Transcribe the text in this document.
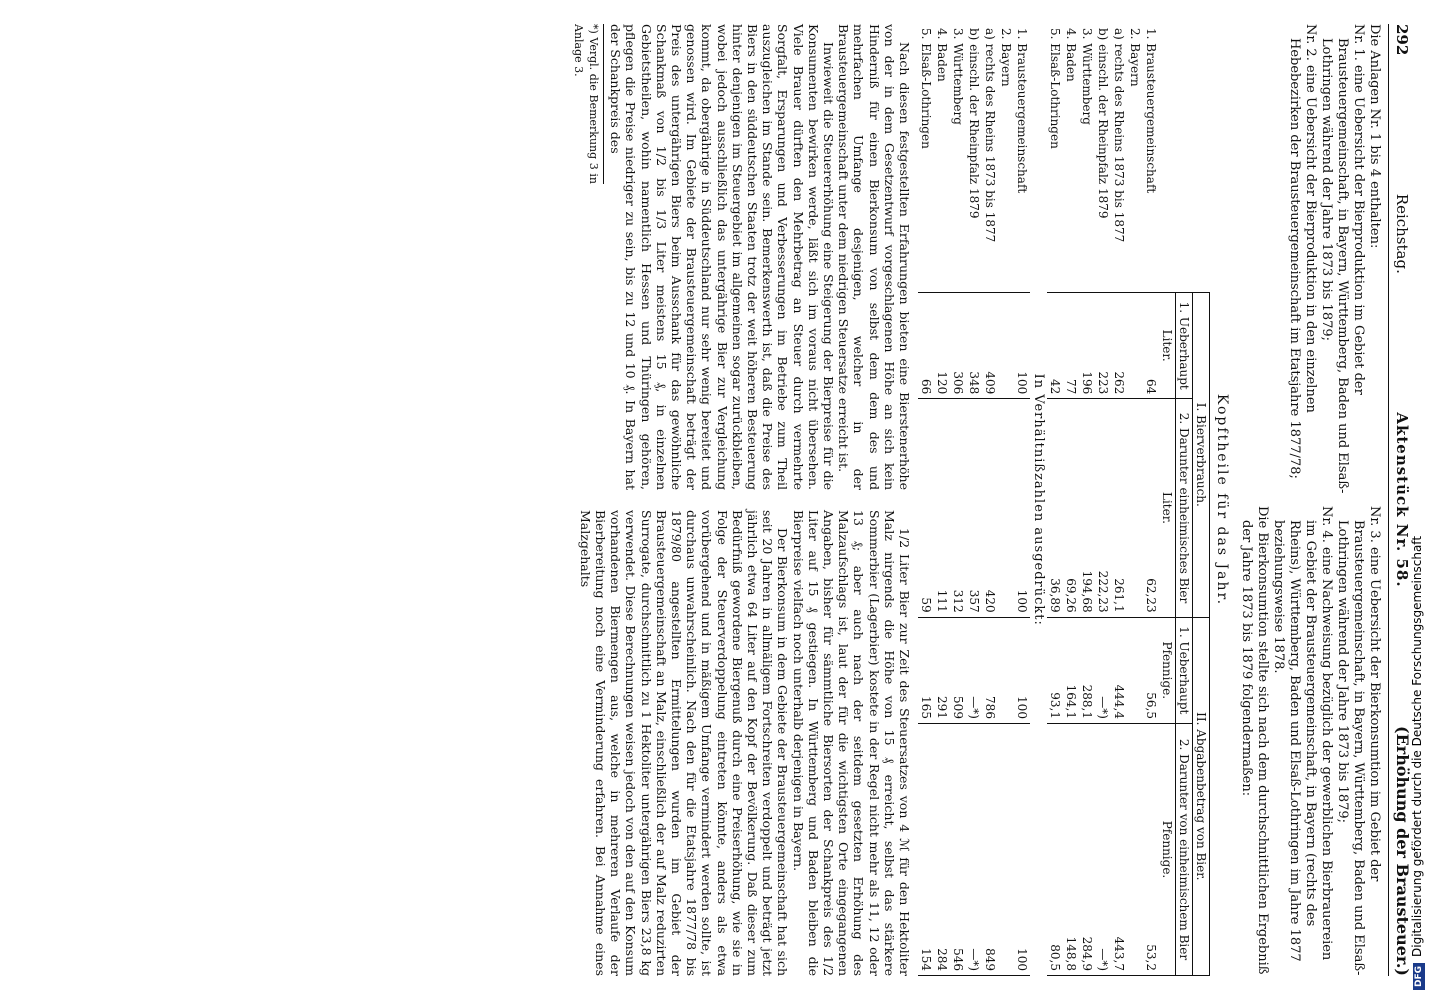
292
Reichstag.
Aktenstück Nr. 58.
(Erhöhung der Brausteuer.)

Die Anlagen Nr. 1 bis 4 enthalten:

Nr. 1. eine Uebersicht der Bierproduktion im Gebiet der Brausteuergemeinschaft, in Bayern, Württemberg, Baden und Elsaß-Lothringen während der Jahre 1873 bis 1879;

Nr. 2. eine Uebersicht der Bierproduktion in den einzelnen Hebebezirken der Brausteuergemeinschaft im Etatsjahre 1877/78;

Nr. 3. eine Uebersicht der Bierkonsumtion im Gebiet der Brausteuergemeinschaft, in Bayern, Württemberg, Baden und Elsaß-Lothringen während der Jahre 1873 bis 1879;

Nr. 4. eine Nachweisung bezüglich der gewerblichen Bierbrauereien im Gebiet der Brausteuergemeinschaft, in Bayern (rechts des Rheins), Württemberg, Baden und Elsaß-Lothringen im Jahre 1877 beziehungsweise 1878.

Die Bierkonsumtion stellte sich nach dem durchschnittlichen Ergebniß der Jahre 1873 bis 1879 folgendermaßen:

Kopftheile für das Jahr.
	I. Bierverbrauch.		II. Abgabenbetrag von Bier.	
	1. Ueberhaupt	2. Darunter einheimisches Bier	1. Ueberhaupt	2. Darunter von einheimischem Bier
	Liter.	Liter.	Pfennige.	Pfennige.
1. Brausteuergemeinschaft	64	62,23	56,5	53,2
2. Bayern				
a) rechts des Rheins 1873 bis 1877	262	261,1	444,4	443,7
b) einschl. der Rheinpfalz 1879	223	222,23	—*)	—*)
3. Württemberg	196	194,68	288,1	284,9
4. Baden	77	69,26	164,1	148,8
5. Elsaß-Lothringen	42	36,89	93,1	80,5
In Verhältnißzahlen ausgedrückt:				
1. Brausteuergemeinschaft	100	100	100	100
2. Bayern				
a) rechts des Rheins 1873 bis 1877	409	420	786	849
b) einschl. der Rheinpfalz 1879	348	357	—*)	—*)
3. Württemberg	306	312	509	546
4. Baden	120	111	291	284
5. Elsaß-Lothringen	66	59	165	154

Nach diesen festgestellten Erfahrungen bieten eine Bierstenerhöhe von der in dem Gesetzentwurf vorgeschlagenen Höhe an sich kein Hinderniß für einen Bierkonsum von selbst dem dem des und mehrfachen Umfange desjenigen, welcher in der Brausteuergemeinschaft unter dem niedrigen Steuersatze erreicht ist.

Inwieweit die Steuererhöhung eine Steigerung der Bierpreise für die Konsumenten bewirken werde, läßt sich im voraus nicht übersehen. Viele Brauer dürften den Mehrbetrag an Steuer durch vermehrte Sorgfalt, Ersparungen und Verbesserungen im Betriebe zum Theil auszugleichen im Stande sein. Bemerkenswerth ist, daß die Preise des Biers in den süddeutschen Staaten trotz der weit höheren Besteuerung hinter denjenigen im Steuergebiet im allgemeinen sogar zurückbleiben, wobei jedoch ausschließlich das untergährige Bier zur Vergleichung kommt, da obergährige in Süddeutschland nur sehr wenig bereitet und genossen wird. Im Gebiete der Brausteuergemeinschaft beträgt der Preis des untergährigen Biers beim Ausschank für das gewöhnliche Schankmaß von 1/2 bis 1/3 Liter meistens 15 ₰, in einzelnen Gebietstheilen, wohin namentlich Hessen und Thüringen gehören, pflegen die Preise niedriger zu sein, bis zu 12 und 10 ₰. In Bayern hat der Schankpreis des

*) Vergl. die Bemerkung 3 in Anlage 3.

1/2 Liter Bier zur Zeit des Steuersatzes von 4 ℳ für den Hektoliter Malz nirgends die Höhe von 15 ₰ erreicht, selbst das stärkere Sommerbier (Lagerbier) kostete in der Regel nicht mehr als 11, 12 oder 13 ₰; aber auch nach der seitdem gesetzten Erhöhung des Malzaufschlags ist, laut der für die wichtigsten Orte eingegangenen Angaben, bisher für sämmtliche Biersorten der Schankpreis des 1/2 Liter auf 15 ₰ gestiegen. In Württemberg und Baden bleiben die Bierpreise vielfach noch unterhalb derjenigen in Bayern.

Der Bierkonsum in dem Gebiete der Brausteuergemeinschaft hat sich seit 20 Jahren in allmäligem Fortschreiten verdoppelt und beträgt jetzt jährlich etwa 64 Liter auf den Kopf der Bevölkerung. Daß dieser zum Bedürfniß gewordene Biergenuß durch eine Preiserhöhung, wie sie in Folge der Steuerverdoppelung eintreten könnte, anders als etwa vorübergehend und in mäßigem Umfange vermindert werden sollte, ist durchaus unwahrscheinlich. Nach den für die Etatsjahre 1877/78 bis 1879/80 angestellten Ermittelungen wurden im Gebiet der Brausteuergemeinschaft an Malz, einschließlich der auf Malz reduzirten Surrogate, durchschnittlich zu 1 Hektoliter untergährigen Biers 23,8 kg verwendet. Diese Berechnungen weisen jedoch von den auf den Konsum vorhandenen Biermengen aus, welche in mehreren Verlaufe der Bierbereitung noch eine Verminderung erfahren. Bei Annahme eines Malzgehalts

DFGDigitalisierung gefördert durch die Deutsche Forschungsgemeinschaft
